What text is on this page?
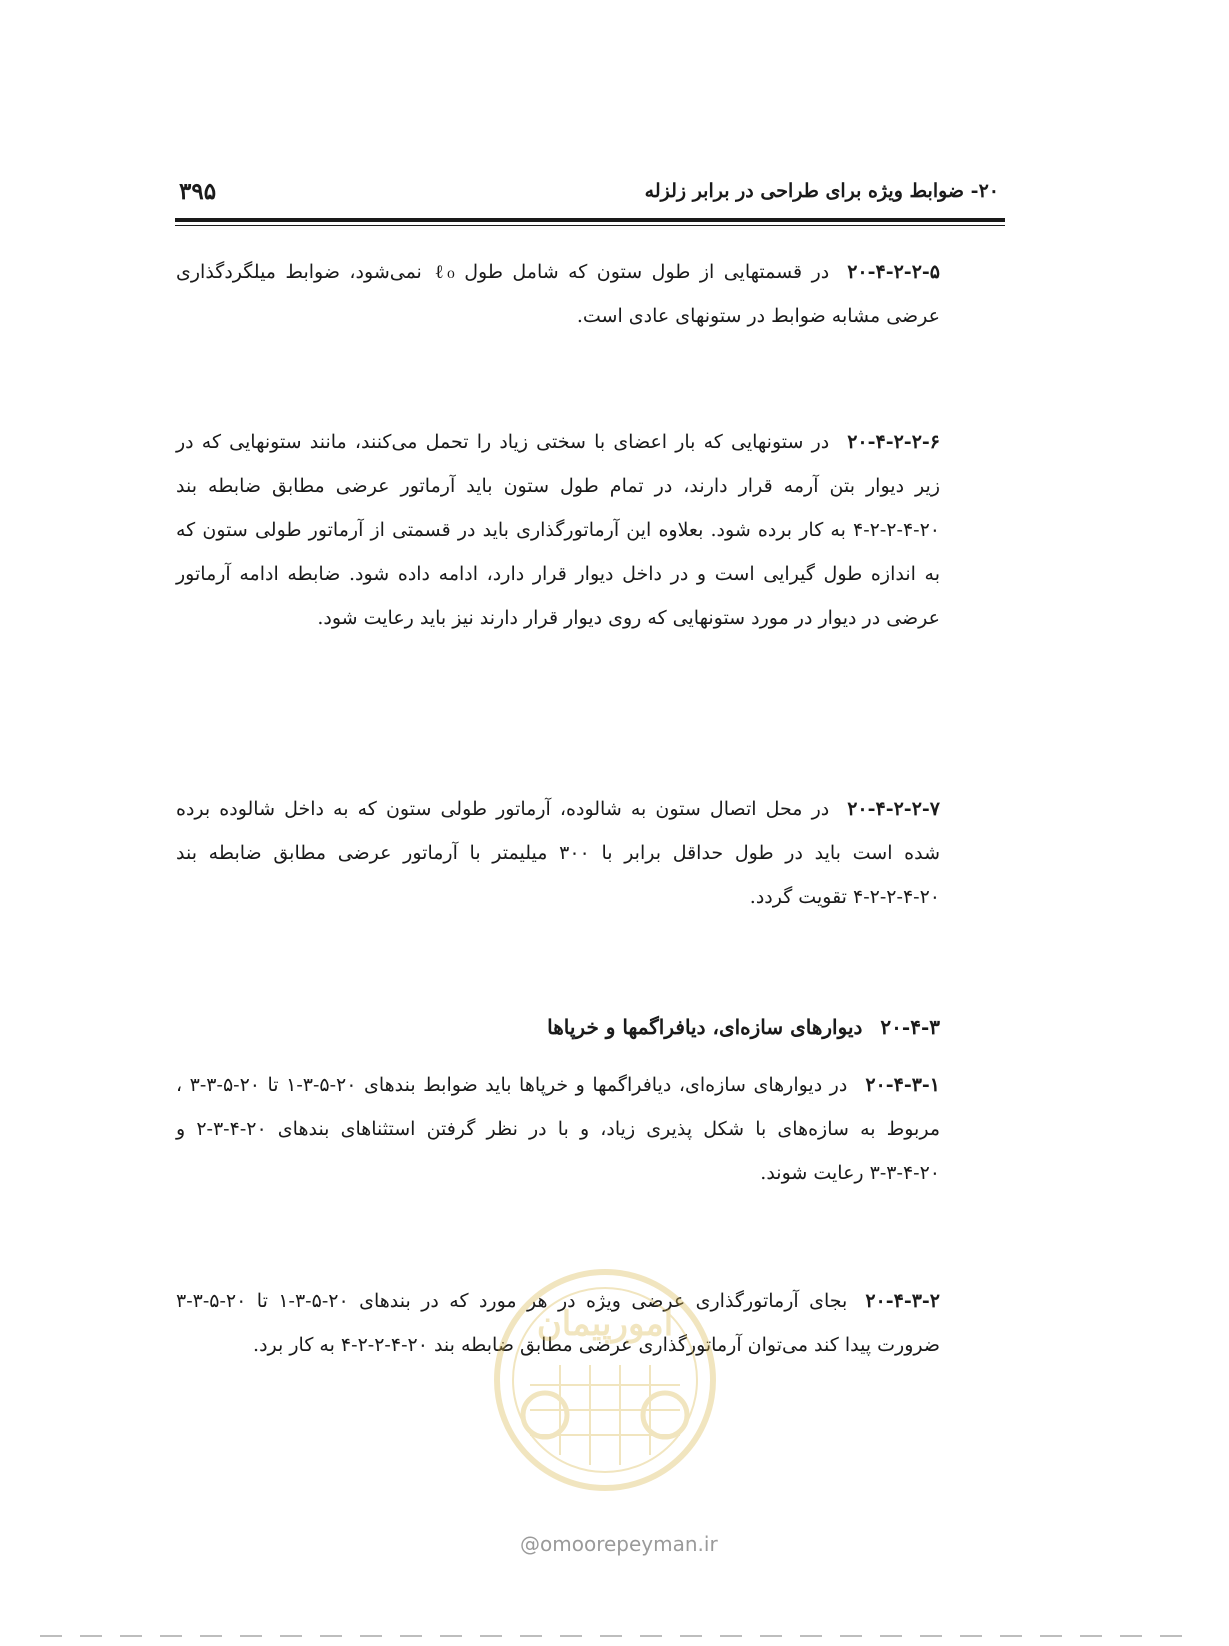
۳۹۵	۲۰- ضوابط ویژه برای طراحی در برابر زلزله
۲۰-۴-۲-۲-۵در قسمتهایی از طول ستون که شامل طول ℓ₀ نمی‌شود، ضوابط میلگردگذاری عرضی مشابه ضوابط در ستونهای عادی است.
۲۰-۴-۲-۲-۶در ستونهایی که بار اعضای با سختی زیاد را تحمل می‌کنند، مانند ستونهایی که در زیر دیوار بتن آرمه قرار دارند، در تمام طول ستون باید آرماتور عرضی مطابق ضابطه بند ۲۰-۴-۲-۲-۴ به کار برده شود. بعلاوه این آرماتورگذاری باید در قسمتی از آرماتور طولی ستون که به اندازه طول گیرایی است و در داخل دیوار قرار دارد، ادامه داده شود. ضابطه ادامه آرماتور عرضی در دیوار در مورد ستونهایی که روی دیوار قرار دارند نیز باید رعایت شود.
۲۰-۴-۲-۲-۷در محل اتصال ستون به شالوده، آرماتور طولی ستون که به داخل شالوده برده شده است باید در طول حداقل برابر با ۳۰۰ میلیمتر با آرماتور عرضی مطابق ضابطه بند ۲۰-۴-۲-۲-۴ تقویت گردد.
۲۰-۴-۳دیوارهای سازه‌ای، دیافراگمها و خرپاها
۲۰-۴-۳-۱در دیوارهای سازه‌ای، دیافراگمها و خرپاها باید ضوابط بندهای ۲۰-۵-۳-۱ تا ۲۰-۵-۳-۳ ، مربوط به سازه‌های با شکل پذیری زیاد، و با در نظر گرفتن استثناهای بندهای ۲۰-۴-۳-۲ و ۲۰-۴-۳-۳ رعایت شوند.
۲۰-۴-۳-۲بجای آرماتورگذاری عرضی ویژه در هر مورد که در بندهای ۲۰-۵-۳-۱ تا ۲۰-۵-۳-۳ ضرورت پیدا کند می‌توان آرماتورگذاری عرضی مطابق ضابطه بند ۲۰-۴-۲-۲-۴ به کار برد.
امورپیمان
@omoorepeyman.ir
